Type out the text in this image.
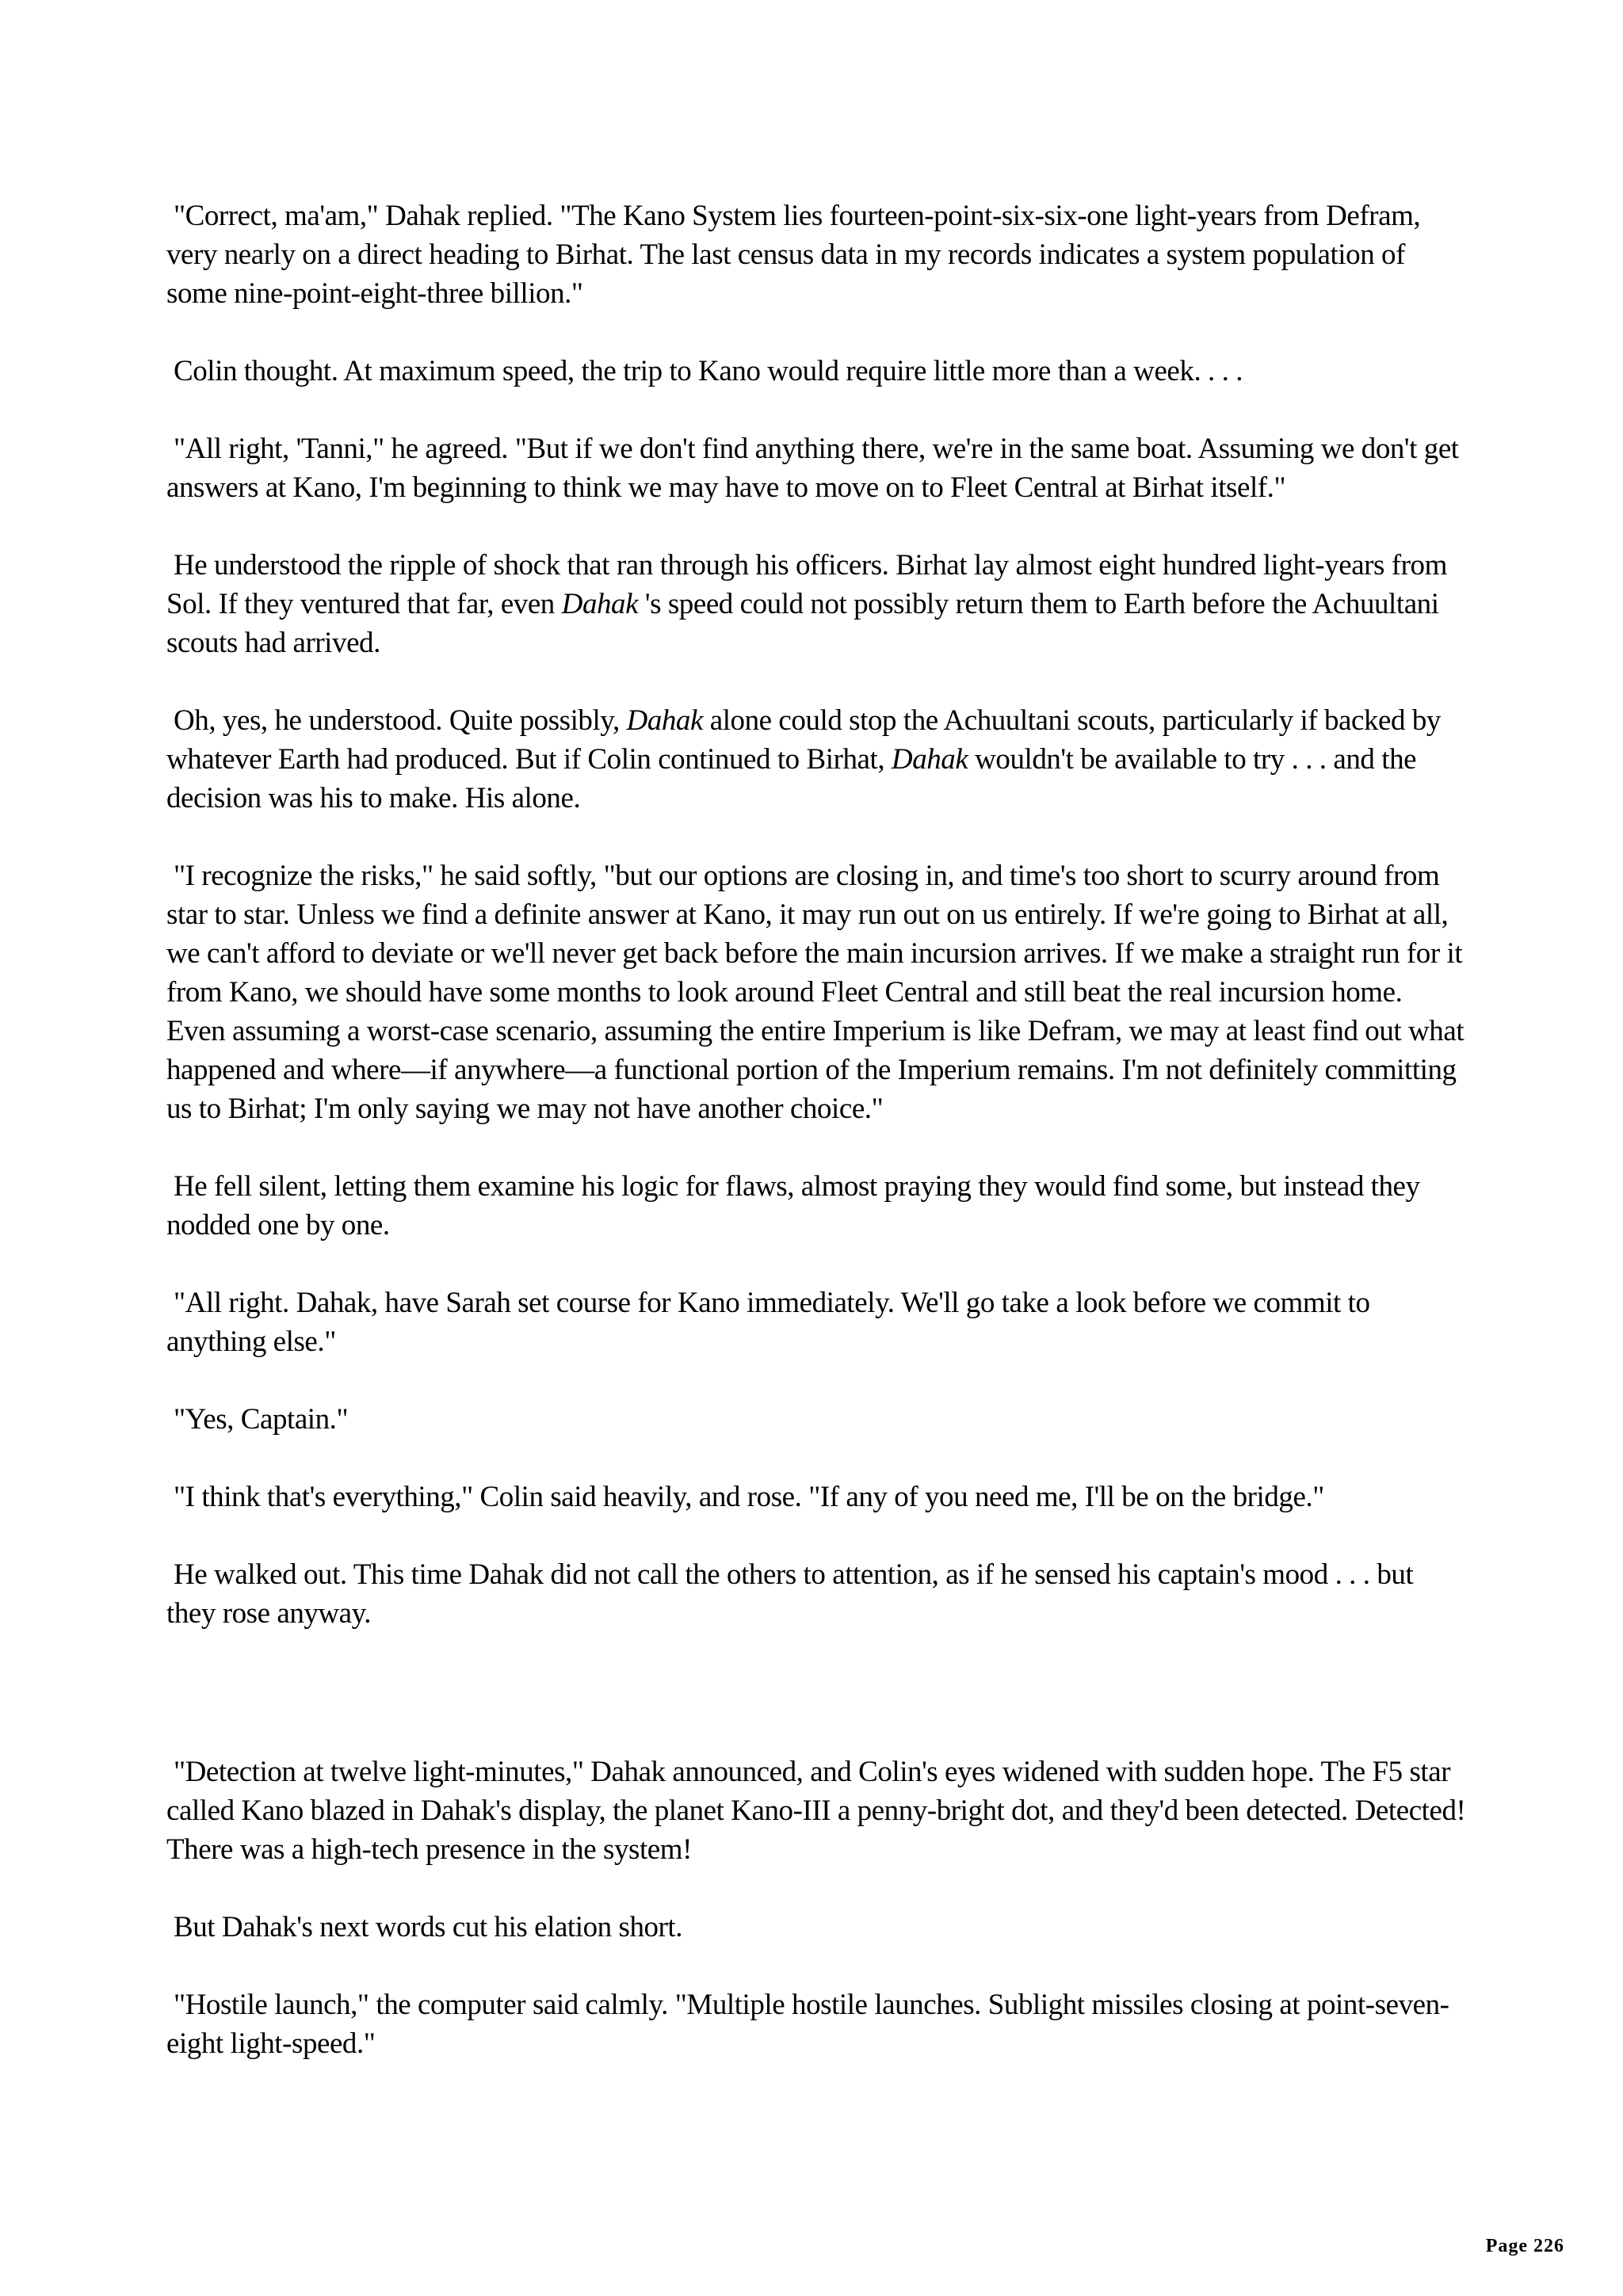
"Correct, ma'am," Dahak replied. "The Kano System lies fourteen-point-six-six-one light-years from Defram, very nearly on a direct heading to Birhat. The last census data in my records indicates a system population of some nine-point-eight-three billion."

Colin thought. At maximum speed, the trip to Kano would require little more than a week. . . .

"All right, 'Tanni," he agreed. "But if we don't find anything there, we're in the same boat. Assuming we don't get answers at Kano, I'm beginning to think we may have to move on to Fleet Central at Birhat itself."

He understood the ripple of shock that ran through his officers. Birhat lay almost eight hundred light-years from Sol. If they ventured that far, even Dahak 's speed could not possibly return them to Earth before the Achuultani scouts had arrived.

Oh, yes, he understood. Quite possibly, Dahak alone could stop the Achuultani scouts, particularly if backed by whatever Earth had produced. But if Colin continued to Birhat, Dahak wouldn't be available to try . . . and the decision was his to make. His alone.

"I recognize the risks," he said softly, "but our options are closing in, and time's too short to scurry around from star to star. Unless we find a definite answer at Kano, it may run out on us entirely. If we're going to Birhat at all, we can't afford to deviate or we'll never get back before the main incursion arrives. If we make a straight run for it from Kano, we should have some months to look around Fleet Central and still beat the real incursion home. Even assuming a worst-case scenario, assuming the entire Imperium is like Defram, we may at least find out what happened and where—if anywhere—a functional portion of the Imperium remains. I'm not definitely committing us to Birhat; I'm only saying we may not have another choice."

He fell silent, letting them examine his logic for flaws, almost praying they would find some, but instead they nodded one by one.

"All right. Dahak, have Sarah set course for Kano immediately. We'll go take a look before we commit to anything else."

"Yes, Captain."

"I think that's everything," Colin said heavily, and rose. "If any of you need me, I'll be on the bridge."

He walked out. This time Dahak did not call the others to attention, as if he sensed his captain's mood . . . but they rose anyway.

"Detection at twelve light-minutes," Dahak announced, and Colin's eyes widened with sudden hope. The F5 star called Kano blazed in Dahak's display, the planet Kano-III a penny-bright dot, and they'd been detected. Detected! There was a high-tech presence in the system!

But Dahak's next words cut his elation short.

"Hostile launch," the computer said calmly. "Multiple hostile launches. Sublight missiles closing at point-seven-eight light-speed."

Page 226
